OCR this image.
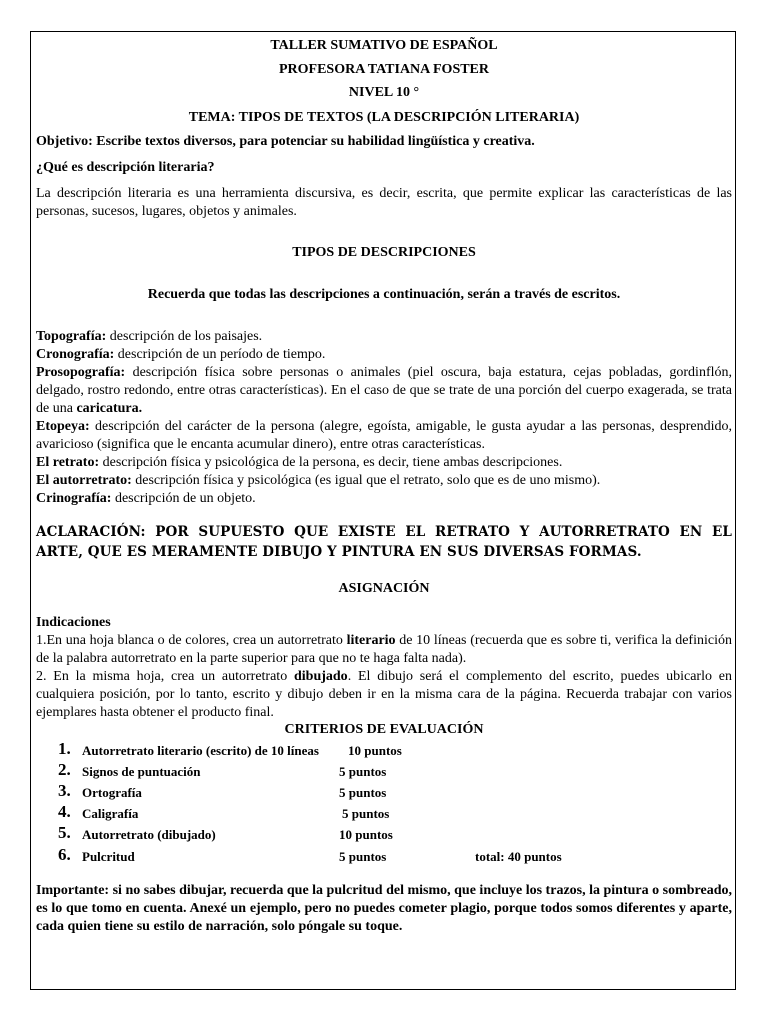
TALLER SUMATIVO DE ESPAÑOL
PROFESORA TATIANA FOSTER
NIVEL 10 °
TEMA: TIPOS DE TEXTOS (LA DESCRIPCIÓN LITERARIA)
Objetivo: Escribe textos diversos, para potenciar su habilidad lingüística y creativa.
¿Qué es descripción literaria?
La descripción literaria es una herramienta discursiva, es decir, escrita, que permite explicar las características de las personas, sucesos, lugares, objetos y animales.
TIPOS DE DESCRIPCIONES
Recuerda que todas las descripciones a continuación, serán a través de escritos.
Topografía: descripción de los paisajes.
Cronografía: descripción de un período de tiempo.
Prosopografía: descripción física sobre personas o animales (piel oscura, baja estatura, cejas pobladas, gordinflón, delgado, rostro redondo, entre otras características). En el caso de que se trate de una porción del cuerpo exagerada, se trata de una caricatura.
Etopeya: descripción del carácter de la persona (alegre, egoísta, amigable, le gusta ayudar a las personas, desprendido, avaricioso (significa que le encanta acumular dinero), entre otras características.
El retrato: descripción física y psicológica de la persona, es decir, tiene ambas descripciones.
El autorretrato: descripción física y psicológica (es igual que el retrato, solo que es de uno mismo).
Crinografía: descripción de un objeto.
ACLARACIÓN: POR SUPUESTO QUE EXISTE EL RETRATO Y AUTORRETRATO EN EL ARTE, QUE ES MERAMENTE DIBUJO Y PINTURA EN SUS DIVERSAS FORMAS.
ASIGNACIÓN
Indicaciones
1.En una hoja blanca o de colores, crea un autorretrato literario de 10 líneas (recuerda que es sobre ti, verifica la definición de la palabra autorretrato en la parte superior para que no te haga falta nada).
2. En la misma hoja, crea un autorretrato dibujado. El dibujo será el complemento del escrito, puedes ubicarlo en cualquiera posición, por lo tanto, escrito y dibujo deben ir en la misma cara de la página. Recuerda trabajar con varios ejemplares hasta obtener el producto final.
CRITERIOS DE EVALUACIÓN
1. Autorretrato literario (escrito) de 10 líneas 10 puntos
2. Signos de puntuación	5 puntos
3. Ortografía	5 puntos
4. Caligrafía	5 puntos
5. Autorretrato (dibujado)	10 puntos
6. Pulcritud	5 puntos	total: 40 puntos
Importante: si no sabes dibujar, recuerda que la pulcritud del mismo, que incluye los trazos, la pintura o sombreado, es lo que tomo en cuenta. Anexé un ejemplo, pero no puedes cometer plagio, porque todos somos diferentes y aparte, cada quien tiene su estilo de narración, solo póngale su toque.
